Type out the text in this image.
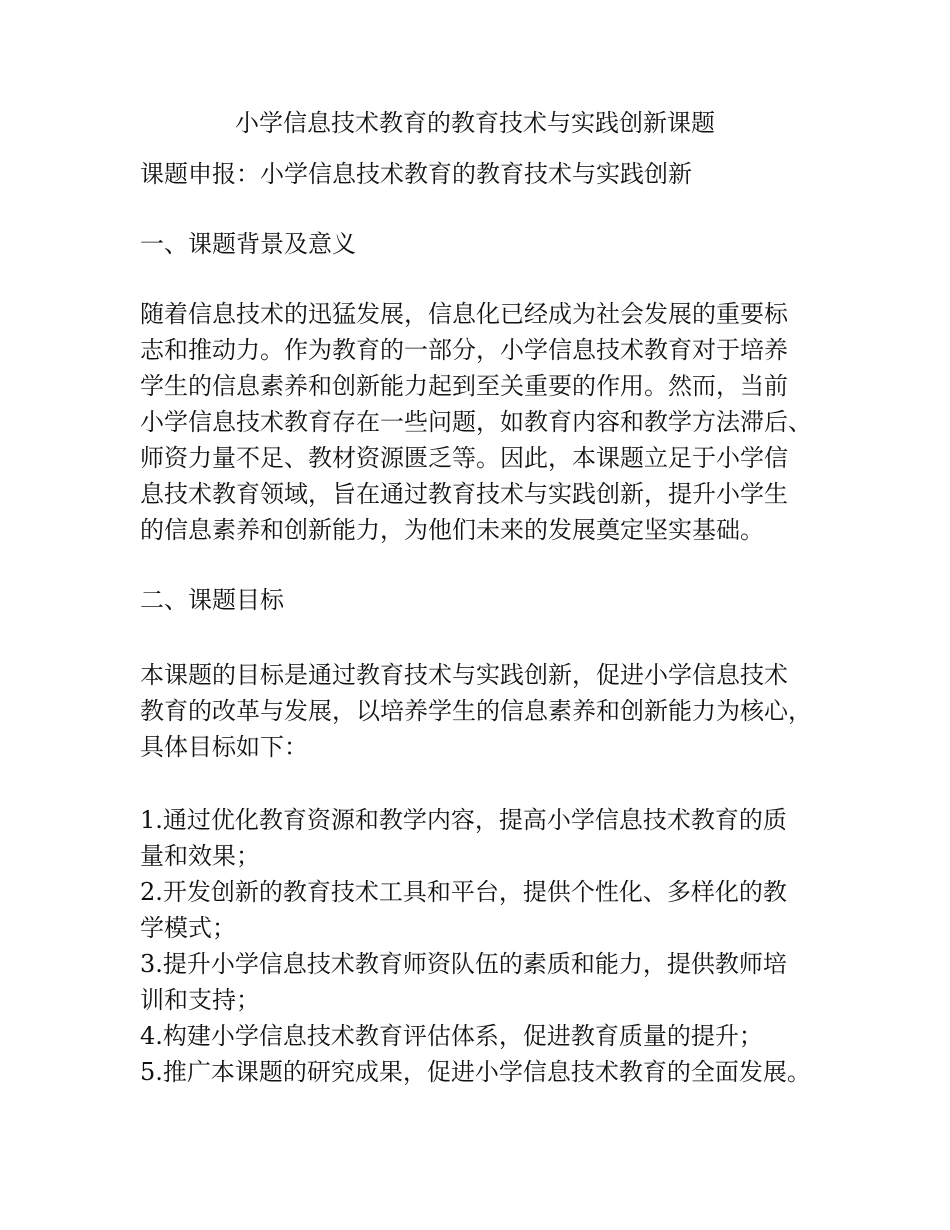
小学信息技术教育的教育技术与实践创新课题

课题申报：小学信息技术教育的教育技术与实践创新

一、课题背景及意义

随着信息技术的迅猛发展，信息化已经成为社会发展的重要标

志和推动力。作为教育的一部分，小学信息技术教育对于培养

学生的信息素养和创新能力起到至关重要的作用。然而，当前

小学信息技术教育存在一些问题，如教育内容和教学方法滞后、

师资力量不足、教材资源匮乏等。因此，本课题立足于小学信

息技术教育领域，旨在通过教育技术与实践创新，提升小学生

的信息素养和创新能力，为他们未来的发展奠定坚实基础。

二、课题目标

本课题的目标是通过教育技术与实践创新，促进小学信息技术

教育的改革与发展，以培养学生的信息素养和创新能力为核心，

具体目标如下：

1.通过优化教育资源和教学内容，提高小学信息技术教育的质

量和效果；

2.开发创新的教育技术工具和平台，提供个性化、多样化的教

学模式；

3.提升小学信息技术教育师资队伍的素质和能力，提供教师培

训和支持；

4.构建小学信息技术教育评估体系，促进教育质量的提升；

5.推广本课题的研究成果，促进小学信息技术教育的全面发展。
